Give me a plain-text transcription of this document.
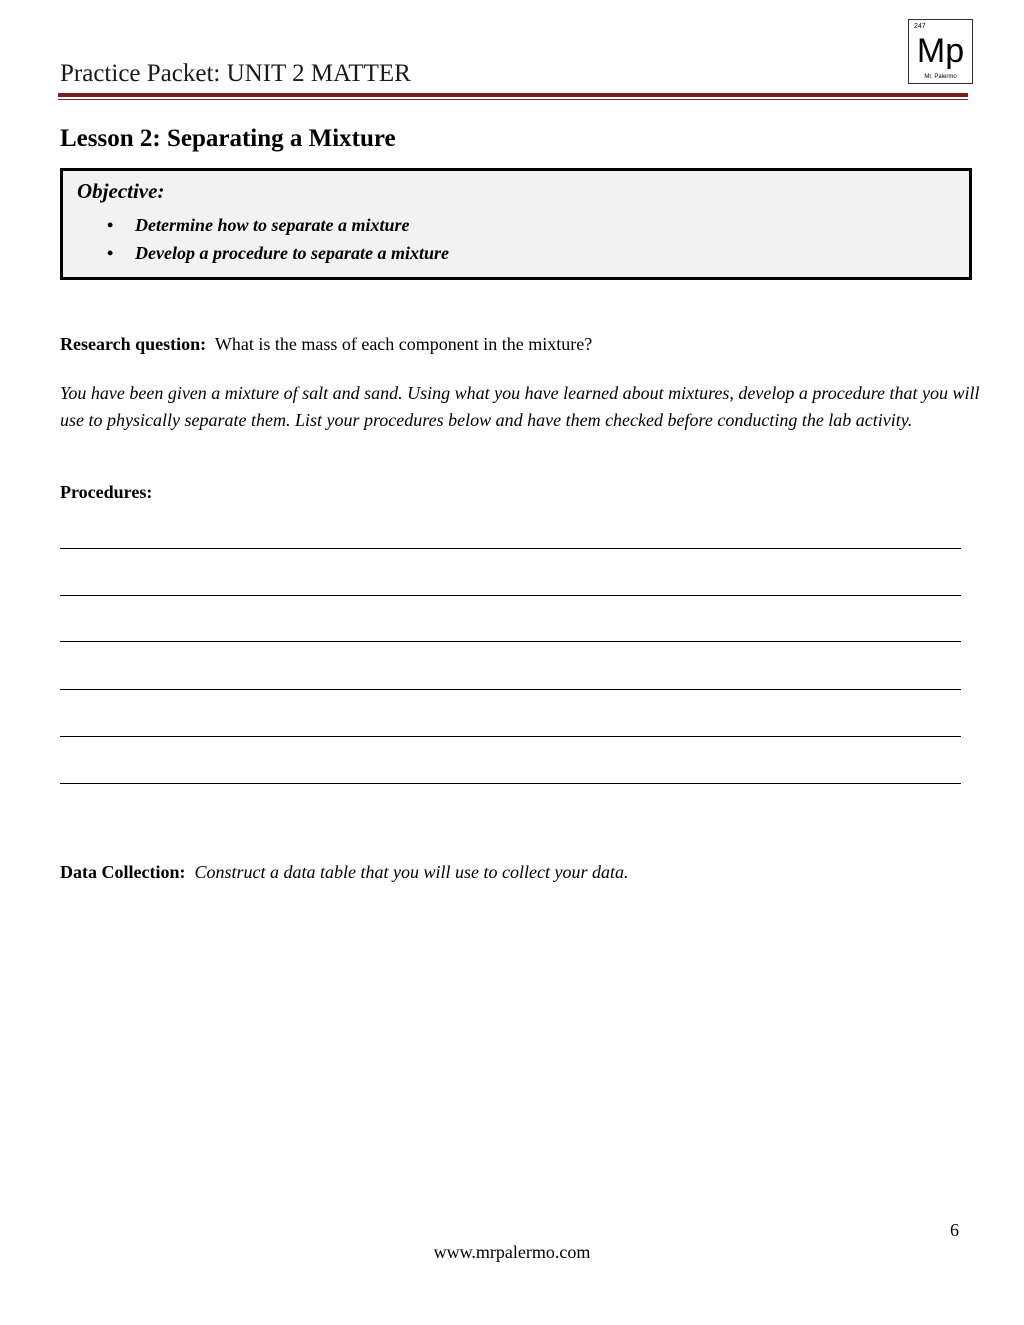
Practice Packet: UNIT 2 MATTER
247
Mp
Mr. Palermo
Lesson 2: Separating a Mixture
Objective:
• Determine how to separate a mixture
• Develop a procedure to separate a mixture
Research question: What is the mass of each component in the mixture?
You have been given a mixture of salt and sand. Using what you have learned about mixtures, develop a procedure that you will use to physically separate them. List your procedures below and have them checked before conducting the lab activity.
Procedures:
Data Collection: Construct a data table that you will use to collect your data.
6
www.mrpalermo.com
